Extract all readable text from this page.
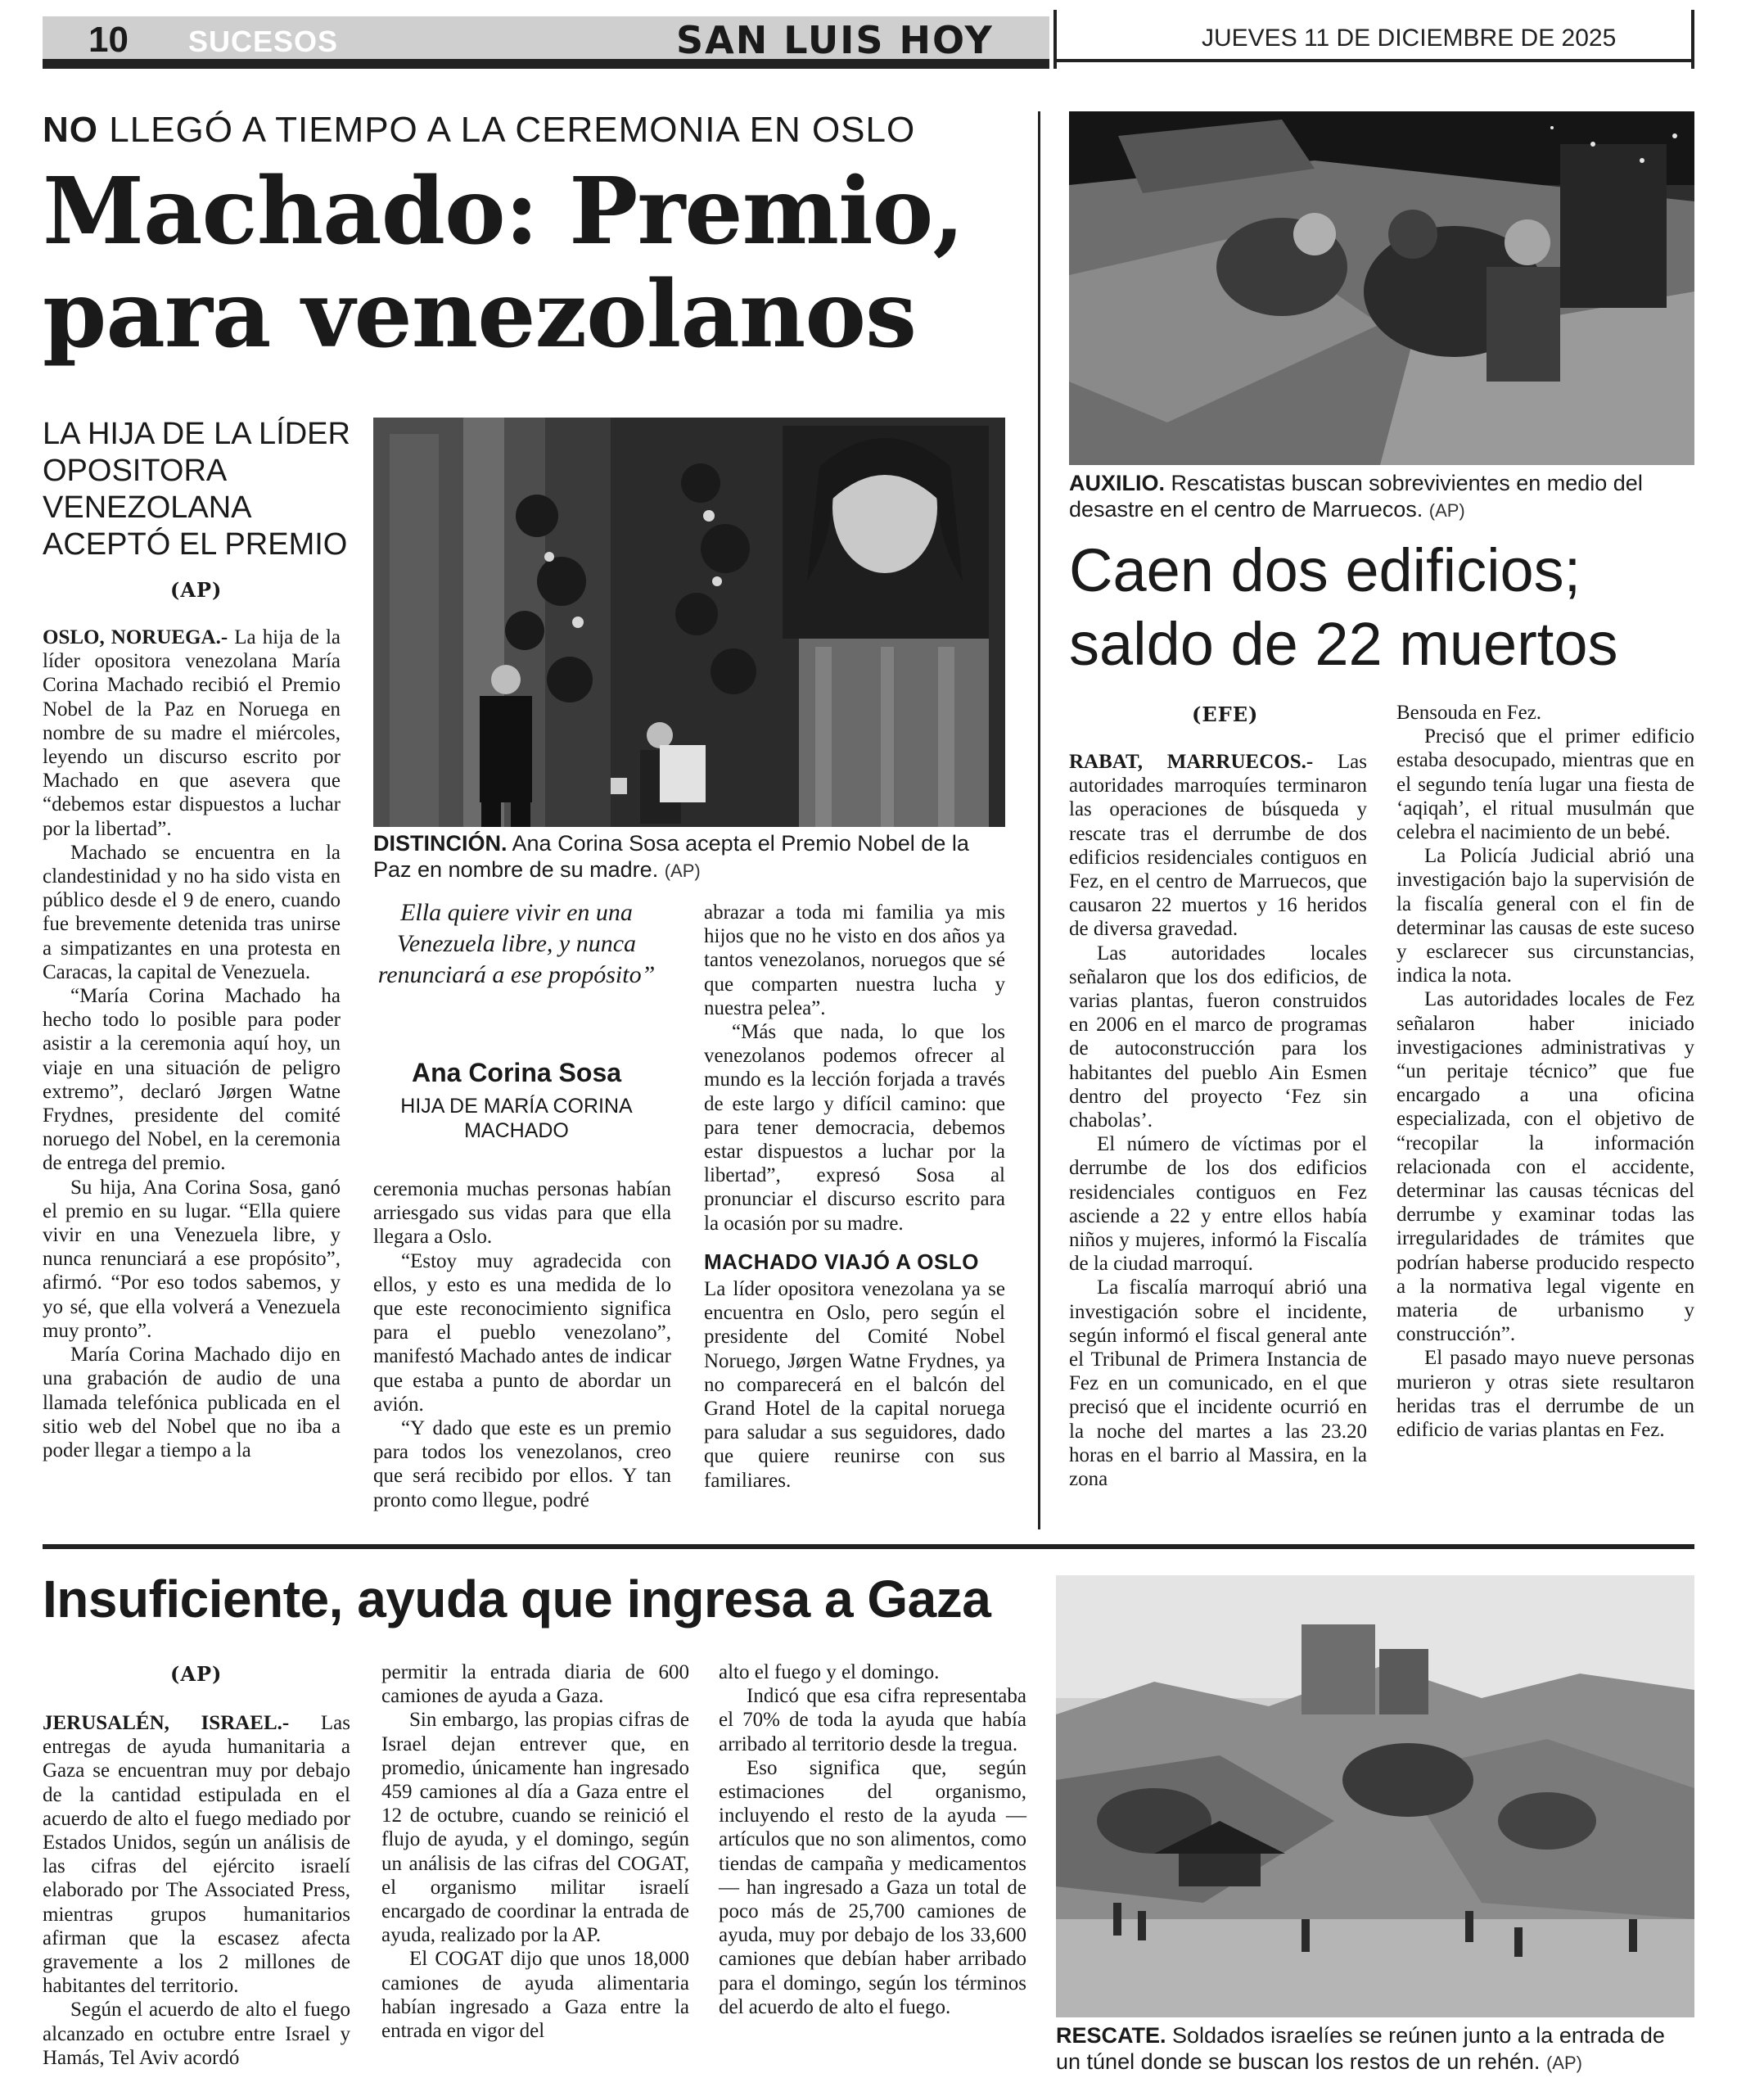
10 SUCESOS	SAN LUIS HOY	JUEVES 11 DE DICIEMBRE DE 2025
NO LLEGÓ A TIEMPO A LA CEREMONIA EN OSLO
Machado: Premio, para venezolanos
LA HIJA DE LA LÍDER OPOSITORA VENEZOLANA ACEPTÓ EL PREMIO
(AP)

OSLO, NORUEGA.- La hija de la líder opositora venezolana María Corina Machado recibió el Premio Nobel de la Paz en Noruega en nombre de su madre el miércoles, leyendo un discurso escrito por Machado en que asevera que “debemos estar dispuestos a luchar por la libertad”.

Machado se encuentra en la clandestinidad y no ha sido vista en público desde el 9 de enero, cuando fue brevemente detenida tras unirse a simpatizantes en una protesta en Caracas, la capital de Venezuela.

“María Corina Machado ha hecho todo lo posible para poder asistir a la ceremonia aquí hoy, un viaje en una situación de peligro extremo”, declaró Jørgen Watne Frydnes, presidente del comité noruego del Nobel, en la ceremonia de entrega del premio.

Su hija, Ana Corina Sosa, ganó el premio en su lugar. “Ella quiere vivir en una Venezuela libre, y nunca renunciará a ese propósito”, afirmó. “Por eso todos sabemos, y yo sé, que ella volverá a Venezuela muy pronto”.

María Corina Machado dijo en una grabación de audio de una llamada telefónica publicada en el sitio web del Nobel que no iba a poder llegar a tiempo a la

DISTINCIÓN. Ana Corina Sosa acepta el Premio Nobel de la Paz en nombre de su madre. (AP)
Ella quiere vivir en una Venezuela libre, y nunca renunciará a ese propósito”
Ana Corina Sosa
HIJA DE MARÍA CORINA MACHADO

ceremonia muchas personas habían arriesgado sus vidas para que ella llegara a Oslo.

“Estoy muy agradecida con ellos, y esto es una medida de lo que este reconocimiento significa para el pueblo venezolano”, manifestó Machado antes de indicar que estaba a punto de abordar un avión.

“Y dado que este es un premio para todos los venezolanos, creo que será recibido por ellos. Y tan pronto como llegue, podré

abrazar a toda mi familia ya mis hijos que no he visto en dos años ya tantos venezolanos, noruegos que sé que comparten nuestra lucha y nuestra pelea”.

“Más que nada, lo que los venezolanos podemos ofrecer al mundo es la lección forjada a través de este largo y difícil camino: que para tener democracia, debemos estar dispuestos a luchar por la libertad”, expresó Sosa al pronunciar el discurso escrito para la ocasión por su madre.

MACHADO VIAJÓ A OSLO

La líder opositora venezolana ya se encuentra en Oslo, pero según el presidente del Comité Nobel Noruego, Jørgen Watne Frydnes, ya no comparecerá en el balcón del Grand Hotel de la capital noruega para saludar a sus seguidores, dado que quiere reunirse con sus familiares.

AUXILIO. Rescatistas buscan sobrevivientes en medio del desastre en el centro de Marruecos. (AP)
Caen dos edificios; saldo de 22 muertos
(EFE)

RABAT, MARRUECOS.- Las autoridades marroquíes terminaron las operaciones de búsqueda y rescate tras el derrumbe de dos edificios residenciales contiguos en Fez, en el centro de Marruecos, que causaron 22 muertos y 16 heridos de diversa gravedad.

Las autoridades locales señalaron que los dos edificios, de varias plantas, fueron construidos en 2006 en el marco de programas de autoconstrucción para los habitantes del pueblo Ain Esmen dentro del proyecto ‘Fez sin chabolas’.

El número de víctimas por el derrumbe de los dos edificios residenciales contiguos en Fez asciende a 22 y entre ellos había niños y mujeres, informó la Fiscalía de la ciudad marroquí.

La fiscalía marroquí abrió una investigación sobre el incidente, según informó el fiscal general ante el Tribunal de Primera Instancia de Fez en un comunicado, en el que precisó que el incidente ocurrió en la noche del martes a las 23.20 horas en el barrio al Massira, en la zona

Bensouda en Fez.

Precisó que el primer edificio estaba desocupado, mientras que en el segundo tenía lugar una fiesta de ‘aqiqah’, el ritual musulmán que celebra el nacimiento de un bebé.

La Policía Judicial abrió una investigación bajo la supervisión de la fiscalía general con el fin de determinar las causas de este suceso y esclarecer sus circunstancias, indica la nota.

Las autoridades locales de Fez señalaron haber iniciado investigaciones administrativas y “un peritaje técnico” que fue encargado a una oficina especializada, con el objetivo de “recopilar la información relacionada con el accidente, determinar las causas técnicas del derrumbe y examinar todas las irregularidades de trámites que podrían haberse producido respecto a la normativa legal vigente en materia de urbanismo y construcción”.

El pasado mayo nueve personas murieron y otras siete resultaron heridas tras el derrumbe de un edificio de varias plantas en Fez.

Insuficiente, ayuda que ingresa a Gaza
(AP)

JERUSALÉN, ISRAEL.- Las entregas de ayuda humanitaria a Gaza se encuentran muy por debajo de la cantidad estipulada en el acuerdo de alto el fuego mediado por Estados Unidos, según un análisis de las cifras del ejército israelí elaborado por The Associated Press, mientras grupos humanitarios afirman que la escasez afecta gravemente a los 2 millones de habitantes del territorio.

Según el acuerdo de alto el fuego alcanzado en octubre entre Israel y Hamás, Tel Aviv acordó

permitir la entrada diaria de 600 camiones de ayuda a Gaza.

Sin embargo, las propias cifras de Israel dejan entrever que, en promedio, únicamente han ingresado 459 camiones al día a Gaza entre el 12 de octubre, cuando se reinició el flujo de ayuda, y el domingo, según un análisis de las cifras del COGAT, el organismo militar israelí encargado de coordinar la entrada de ayuda, realizado por la AP.

El COGAT dijo que unos 18,000 camiones de ayuda alimentaria habían ingresado a Gaza entre la entrada en vigor del

alto el fuego y el domingo.

Indicó que esa cifra representaba el 70% de toda la ayuda que había arribado al territorio desde la tregua.

Eso significa que, según estimaciones del organismo, incluyendo el resto de la ayuda —artículos que no son alimentos, como tiendas de campaña y medicamentos— han ingresado a Gaza un total de poco más de 25,700 camiones de ayuda, muy por debajo de los 33,600 camiones que debían haber arribado para el domingo, según los términos del acuerdo de alto el fuego.

RESCATE. Soldados israelíes se reúnen junto a la entrada de un túnel donde se buscan los restos de un rehén. (AP)
